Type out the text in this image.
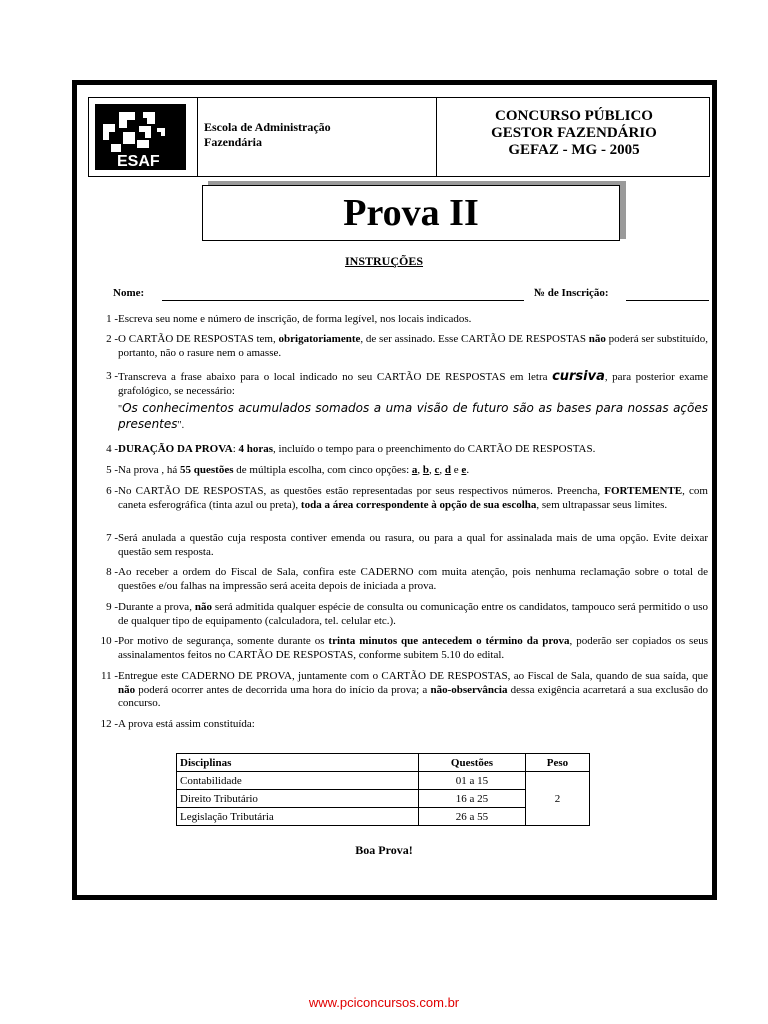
ESAF
Escola de Administração
Fazendária
CONCURSO PÚBLICO
GESTOR FAZENDÁRIO
GEFAZ - MG - 2005
Prova II
INSTRUÇÕES
Nome:	№ de Inscrição:
1 - Escreva seu nome e número de inscrição, de forma legível, nos locais indicados.
2 - O CARTÃO DE RESPOSTAS tem, obrigatoriamente, de ser assinado. Esse CARTÃO DE RESPOSTAS não poderá ser substituído, portanto, não o rasure nem o amasse.
3 - Transcreva a frase abaixo para o local indicado no seu CARTÃO DE RESPOSTAS em letra cursiva, para posterior exame grafológico, se necessário:
"Os conhecimentos acumulados somados a uma visão de futuro são as bases para nossas ações presentes".
4 - DURAÇÃO DA PROVA: 4 horas, incluído o tempo para o preenchimento do CARTÃO DE RESPOSTAS.
5 - Na prova , há 55 questões de múltipla escolha, com cinco opções: a, b, c, d e e.
6 - No CARTÃO DE RESPOSTAS, as questões estão representadas por seus respectivos números. Preencha, FORTEMENTE, com caneta esferográfica (tinta azul ou preta), toda a área correspondente à opção de sua escolha, sem ultrapassar seus limites.
7 - Será anulada a questão cuja resposta contiver emenda ou rasura, ou para a qual for assinalada mais de uma opção. Evite deixar questão sem resposta.
8 - Ao receber a ordem do Fiscal de Sala, confira este CADERNO com muita atenção, pois nenhuma reclamação sobre o total de questões e/ou falhas na impressão será aceita depois de iniciada a prova.
9 - Durante a prova, não será admitida qualquer espécie de consulta ou comunicação entre os candidatos, tampouco será permitido o uso de qualquer tipo de equipamento (calculadora, tel. celular etc.).
10 - Por motivo de segurança, somente durante os trinta minutos que antecedem o término da prova, poderão ser copiados os seus assinalamentos feitos no CARTÃO DE RESPOSTAS, conforme subitem 5.10 do edital.
11 - Entregue este CADERNO DE PROVA, juntamente com o CARTÃO DE RESPOSTAS, ao Fiscal de Sala, quando de sua saída, que não poderá ocorrer antes de decorrida uma hora do início da prova; a não-observância dessa exigência acarretará a sua exclusão do concurso.
12 - A prova está assim constituída:
Disciplinas	Questões	Peso
Contabilidade	01 a 15	2
Direito Tributário	16 a 25	
Legislação Tributária	26 a 55	
Boa Prova!
www.pciconcursos.com.br
